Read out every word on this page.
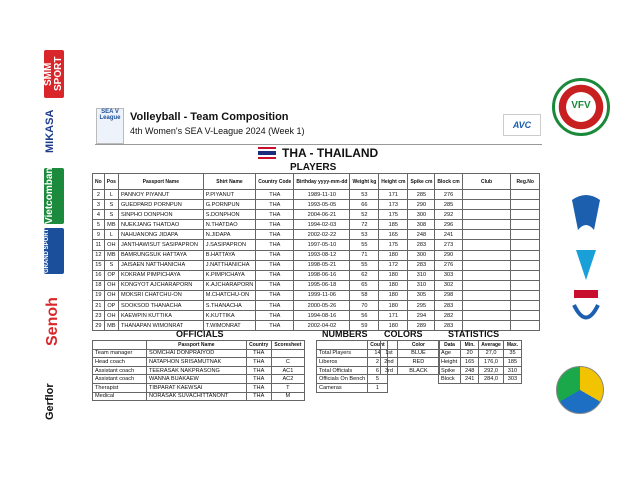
SMM SPORT
MIKASA
Vietcombank
GRAND SPORT
Senoh
Gerflor
VFV
SEA V League Volleyball - Team Composition
4th Women's SEA V-League 2024 (Week 1)
AVC
THA - THAILAND
PLAYERS
No	Pos	Passport Name	Shirt Name	Country Code	Birthday yyyy-mm-dd	Weight kg	Height cm	Spike cm	Block cm	Club	Reg.No
2	L	PANNOY PIYANUT	P.PIYANUT	THA	1989-11-10	53	171	285	276		
3	S	GUEDPARD PORNPUN	G.PORNPUN	THA	1993-05-05	66	173	290	285		
4	S	SINPHO DONPHON	S.DONPHON	THA	2004-06-21	52	175	300	292		
5	MB	NUEKJANG THATDAO	N.THATDAO	THA	1994-02-03	72	185	308	296		
9	L	NAHUANONG JIDAPA	N.JIDAPA	THA	2002-02-22	53	165	248	241		
11	OH	JANTHAWISUT SASIPAPRON	J.SASIPAPRON	THA	1997-05-10	55	175	283	273		
12	MB	BAMRUNGSUK HATTAYA	B.HATTAYA	THA	1993-08-12	71	180	300	290		
15	S	JAISAEN NATTHANICHA	J.NATTHANICHA	THA	1998-05-21	55	172	283	276		
16	OP	KOKRAM PIMPICHAYA	K.PIMPICHAYA	THA	1998-06-16	62	180	310	303		
18	OH	KONGYOT AJCHARAPORN	K.AJCHARAPORN	THA	1995-06-18	65	180	310	302		
19	OH	MOKSRI CHATCHU-ON	M.CHATCHU-ON	THA	1999-11-06	58	180	305	298		
21	OP	SOOKSOD THANACHA	S.THANACHA	THA	2000-05-26	70	180	295	283		
23	OH	KAEWPIN KUTTIKA	K.KUTTIKA	THA	1994-08-16	56	171	294	282		
29	MB	THANAPAN WIMONRAT	T.WIMONRAT	THA	2002-04-02	59	180	289	283		
OFFICIALS
	Passport Name	Country	Scoresheet
Team manager	SOMCHAI DONPRAIYOD	THA	
Head coach	NATAPHON SRISAMUTNAK	THA	C
Assistant coach	TEERASAK NAKPRASONG	THA	AC1
Assistant coach	WANNA BUAKAEW	THA	AC2
Therapist	TIBPARAT KAEWSAI	THA	T
Medical	NORASAK SUVACHITTANONT	THA	M
NUMBERS
	Count
Total Players	14
Liberos	2
Total Officials	6
Officials On Bench	5
Cameras	1
COLORS
	Color
1st	BLUE
2nd	RED
3rd	BLACK
STATISTICS
Data	Min.	Average	Max.
Age	20	27,0	35
Height	165	176,0	185
Spike	248	292,0	310
Block	241	284,0	303
